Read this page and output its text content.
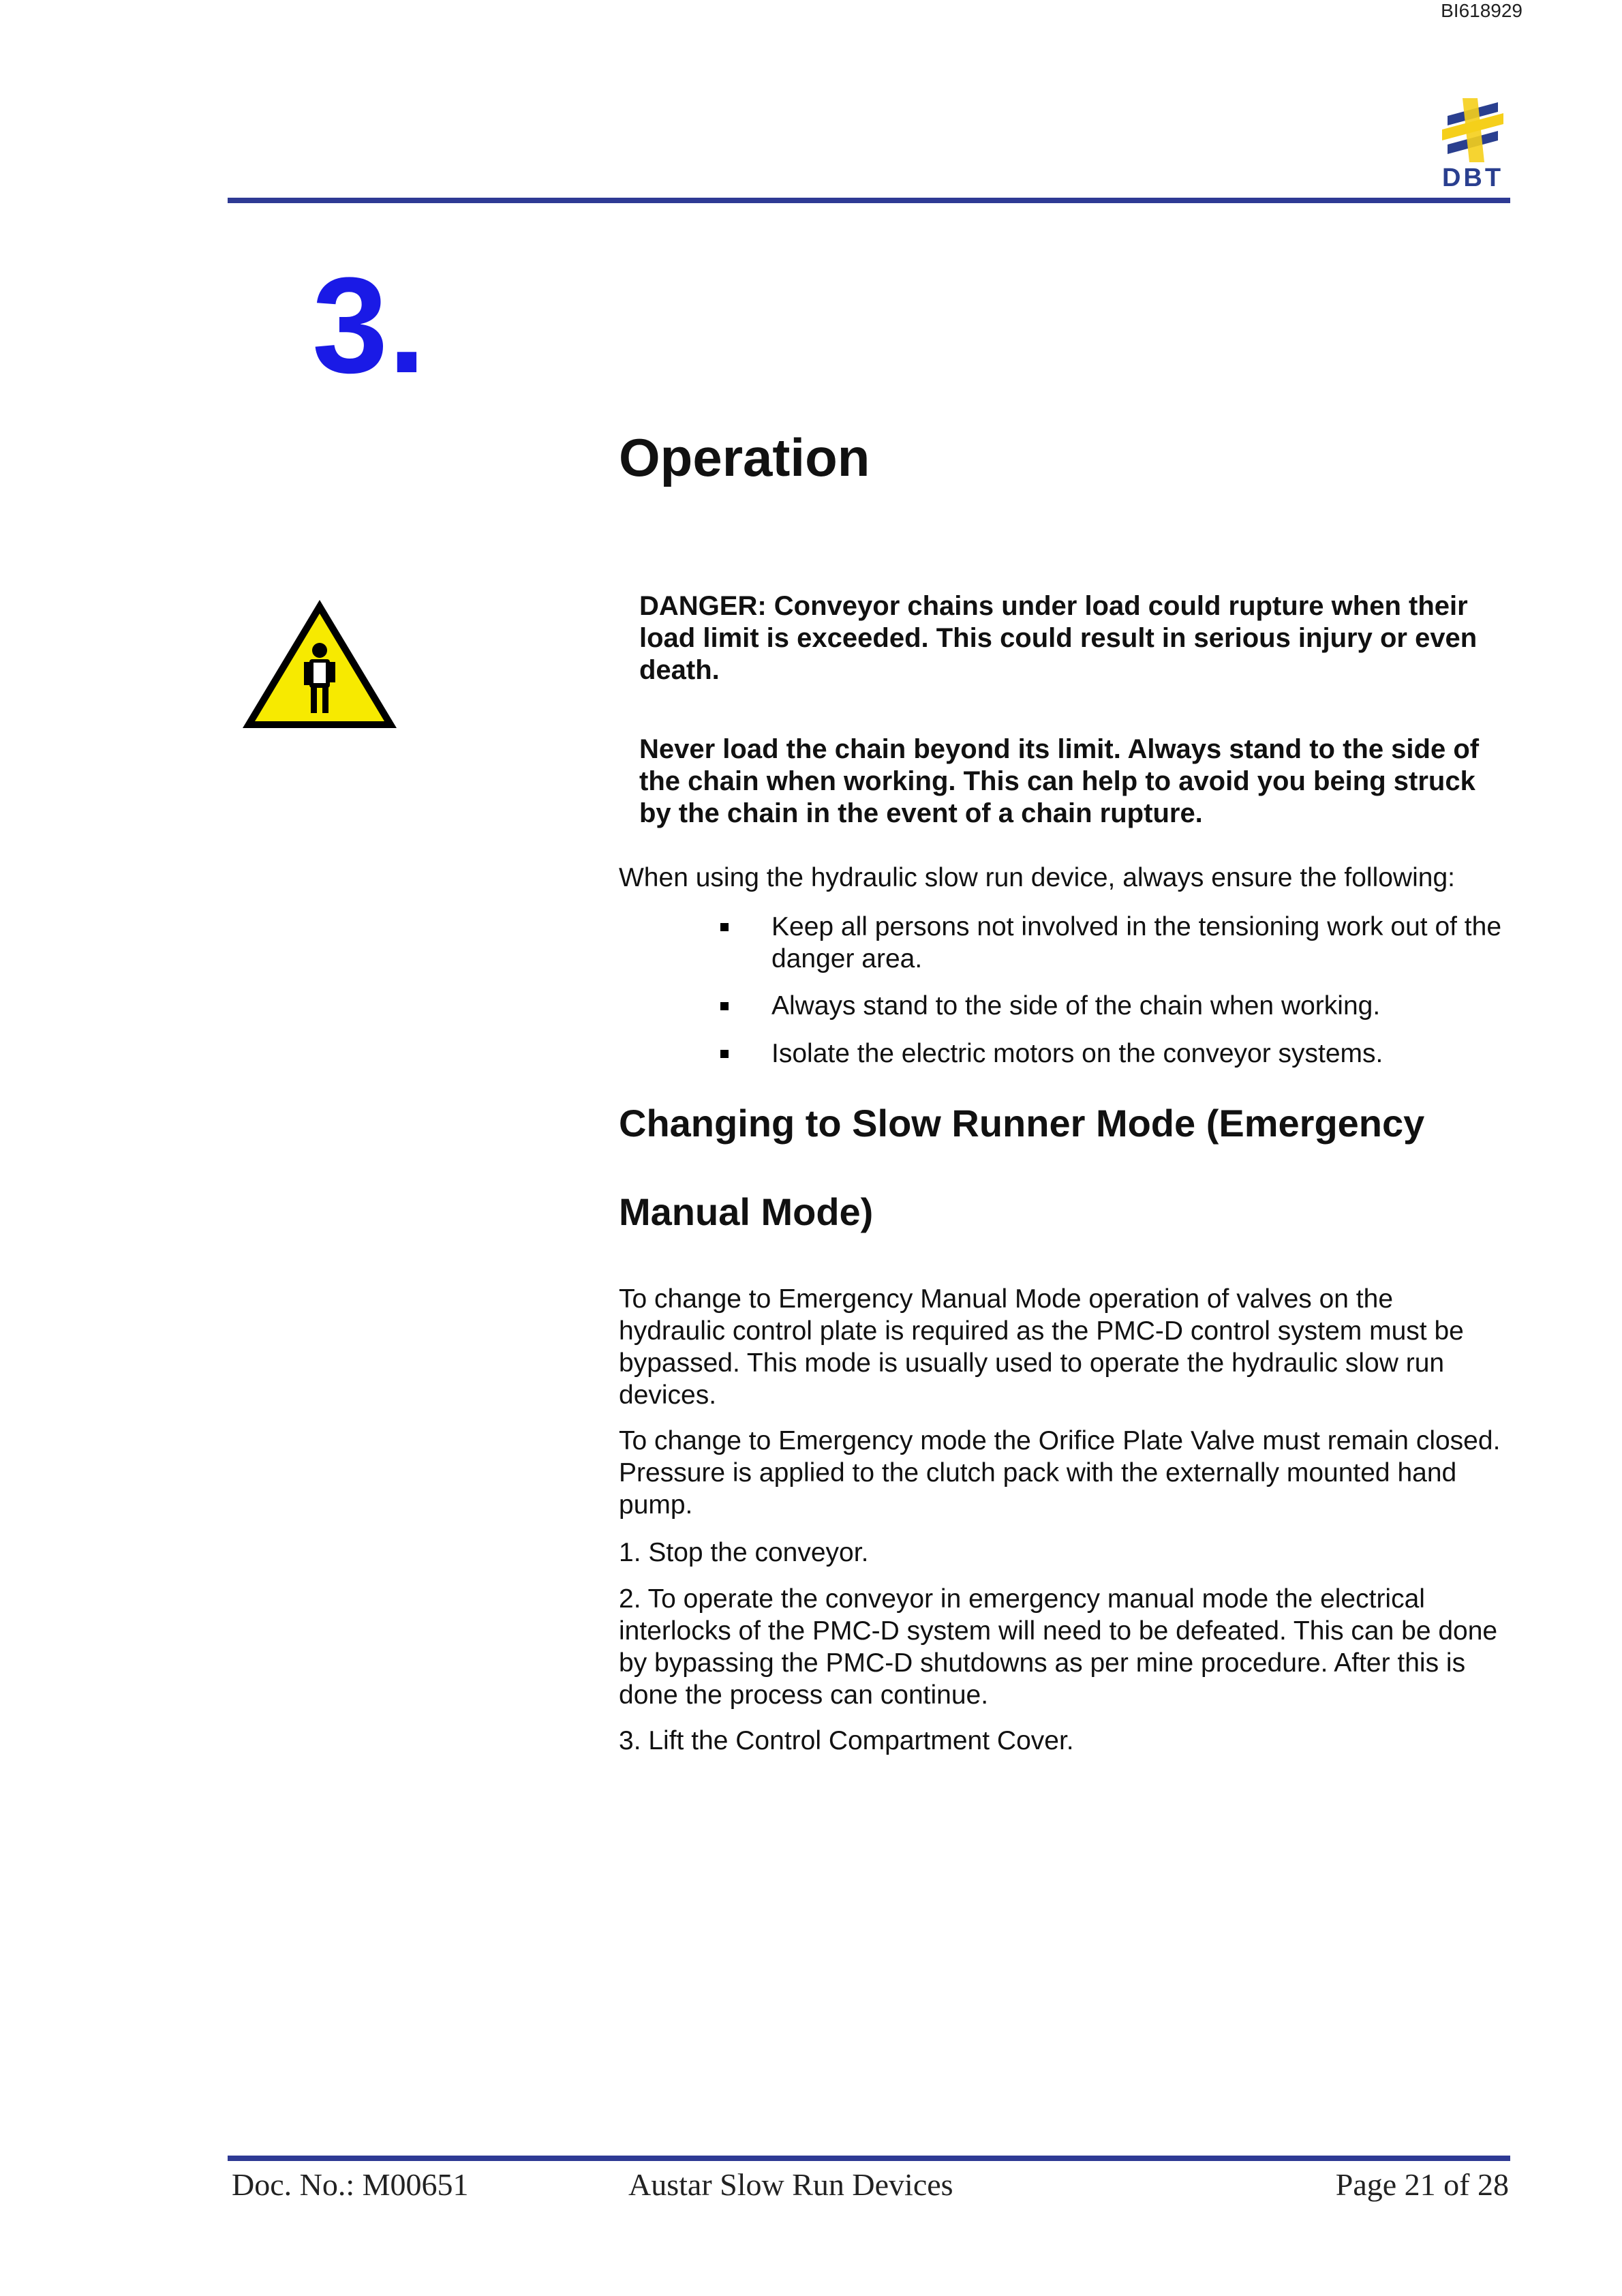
BI618929
DBT
3.
Operation
DANGER: Conveyor chains under load could rupture when their load limit is exceeded. This could result in serious injury or even death.
Never load the chain beyond its limit. Always stand to the side of the chain when working. This can help to avoid you being struck by the chain in the event of a chain rupture.
When using the hydraulic slow run device, always ensure the following:
Keep all persons not involved in the tensioning work out of the danger area.
Always stand to the side of the chain when working.
Isolate the electric motors on the conveyor systems.
Changing to Slow Runner Mode (Emergency
Manual Mode)
To change to Emergency Manual Mode operation of valves on the hydraulic control plate is required as the PMC-D control system must be bypassed. This mode is usually used to operate the hydraulic slow run devices.
To change to Emergency mode the Orifice Plate Valve must remain closed. Pressure is applied to the clutch pack with the externally mounted hand pump.
1. Stop the conveyor.
2. To operate the conveyor in emergency manual mode the electrical interlocks of the PMC-D system will need to be defeated. This can be done by bypassing the PMC-D shutdowns as per mine procedure. After this is done the process can continue.
3. Lift the Control Compartment Cover.
Doc. No.: M00651	Austar Slow Run Devices	Page 21 of 28
